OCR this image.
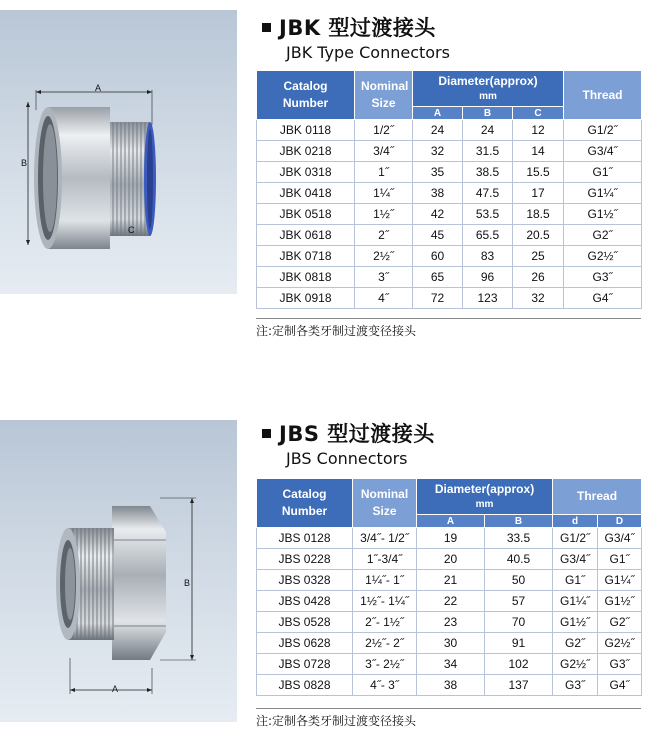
A
B
C
JBK 型过渡接头
JBK Type Connectors
Catalog Number	Nominal Size	Diameter(approx)
mm			Thread
		A	B	C	
JBK 0118	1/2˝	24	24	12	G1/2˝
JBK 0218	3/4˝	32	31.5	14	G3/4˝
JBK 0318	1˝	35	38.5	15.5	G1˝
JBK 0418	1¼˝	38	47.5	17	G1¼˝
JBK 0518	1½˝	42	53.5	18.5	G1½˝
JBK 0618	2˝	45	65.5	20.5	G2˝
JBK 0718	2½˝	60	83	25	G2½˝
JBK 0818	3˝	65	96	26	G3˝
JBK 0918	4˝	72	123	32	G4˝
注:定制各类牙制过渡变径接头
A
B
JBS 型过渡接头
JBS Connectors
Catalog Number	Nominal Size	Diameter(approx)
mm		Thread	
		A	B	d	D
JBS 0128	3/4˝- 1/2˝	19	33.5	G1/2˝	G3/4˝
JBS 0228	1˝-3/4˝	20	40.5	G3/4˝	G1˝
JBS 0328	1¼˝- 1˝	21	50	G1˝	G1¼˝
JBS 0428	1½˝- 1¼˝	22	57	G1¼˝	G1½˝
JBS 0528	2˝- 1½˝	23	70	G1½˝	G2˝
JBS 0628	2½˝- 2˝	30	91	G2˝	G2½˝
JBS 0728	3˝- 2½˝	34	102	G2½˝	G3˝
JBS 0828	4˝- 3˝	38	137	G3˝	G4˝
注:定制各类牙制过渡变径接头
